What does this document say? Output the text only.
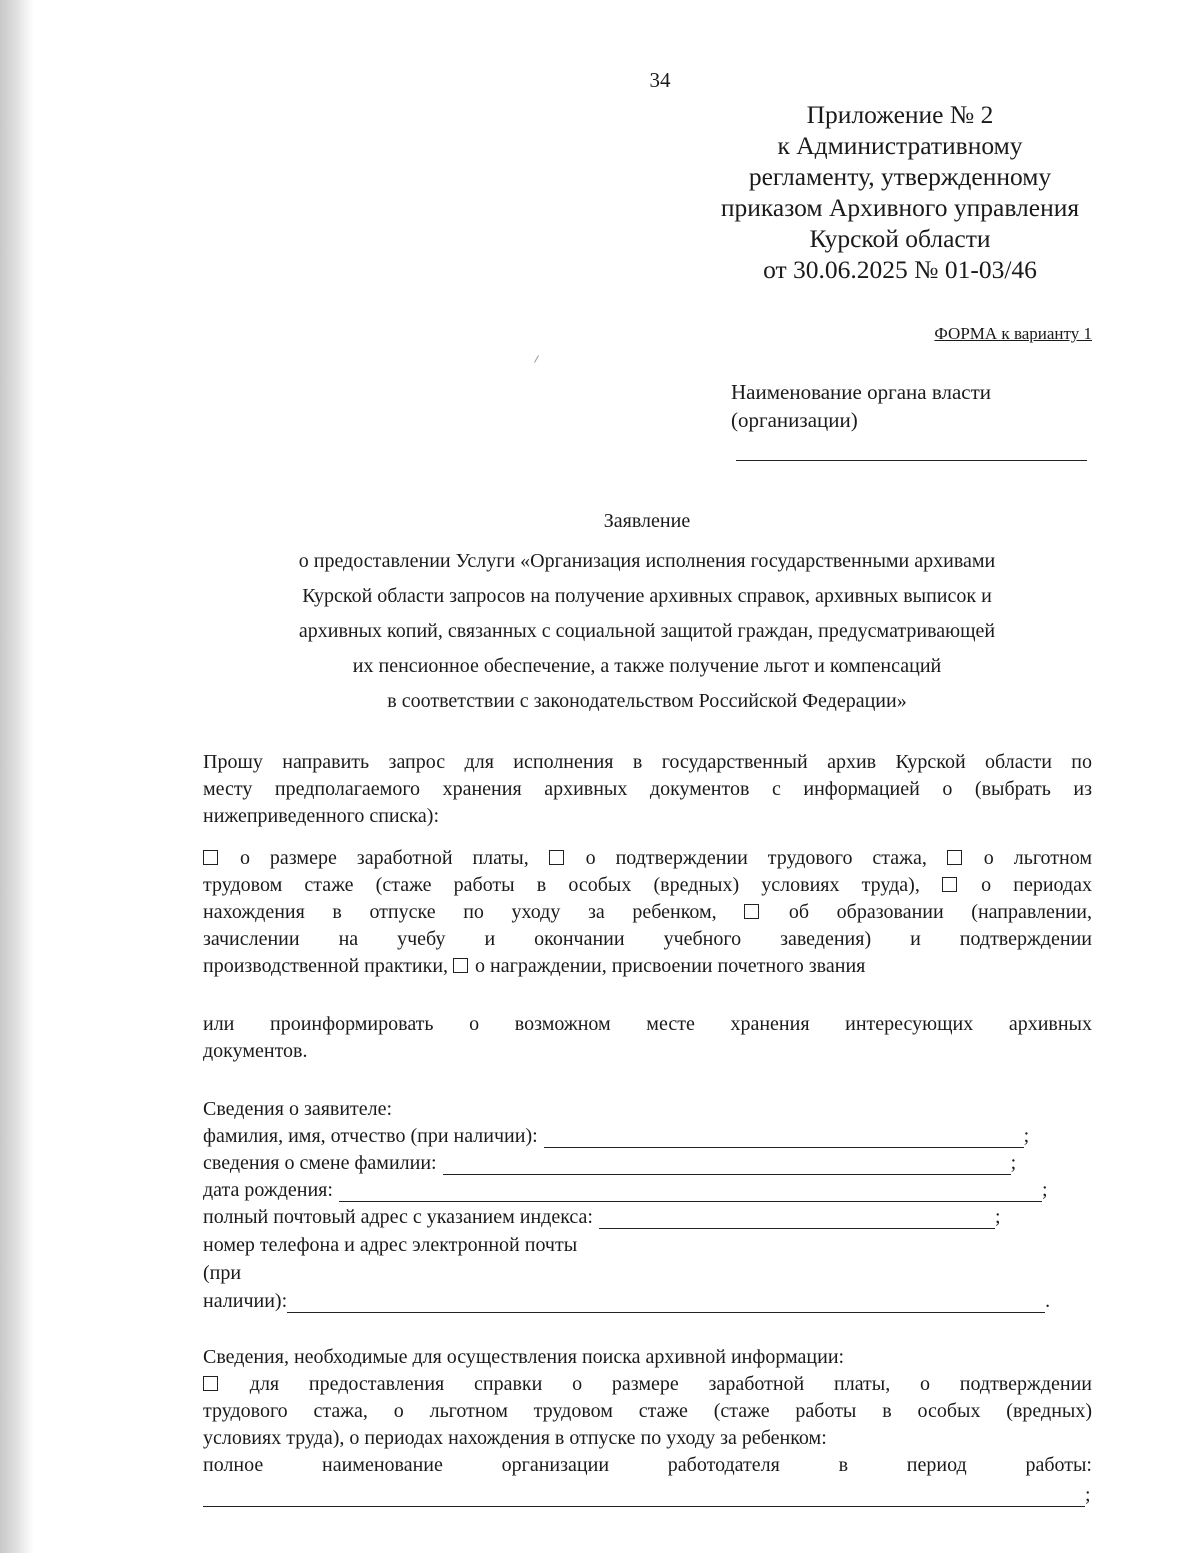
34
Приложение № 2
к Административному
регламенту, утвержденному
приказом Архивного управления
Курской области
от 30.06.2025 № 01-03/46
ФОРМА к варианту 1
Наименование органа власти
(организации)
Заявление
о предоставлении Услуги «Организация исполнения государственными архивами
Курской области запросов на получение архивных справок, архивных выписок и
архивных копий, связанных с социальной защитой граждан, предусматривающей
их пенсионное обеспечение, а также получение льгот и компенсаций
в соответствии с законодательством Российской Федерации»
Прошу направить запрос для исполнения в государственный архив Курской области по
месту предполагаемого хранения архивных документов с информацией о (выбрать из
нижеприведенного списка):
о размере заработной платы,	о подтверждении трудового стажа,	о льготном
трудовом стаже (стаже работы в особых (вредных) условиях труда),	о периодах
нахождения в отпуске по уходу за ребенком,	об образовании (направлении,
зачислении на учебу и окончании учебного заведения) и подтверждении
производственной практики, о награждении, присвоении почетного звания
или проинформировать о возможном месте хранения интересующих архивных
документов.
Сведения о заявителе:
фамилия, имя, отчество (при наличии):	;
сведения о смене фамилии:	;
дата рождения:	;
полный почтовый адрес с указанием индекса:	;
номер телефона и адрес электронной почты
(при
наличии):	.
Сведения, необходимые для осуществления поиска архивной информации:
для предоставления справки о размере заработной платы, о подтверждении
трудового стажа, о льготном трудовом стаже (стаже работы в особых (вредных)
условиях труда), о периодах нахождения в отпуске по уходу за ребенком:
полное наименование организации работодателя в период работы:
;
